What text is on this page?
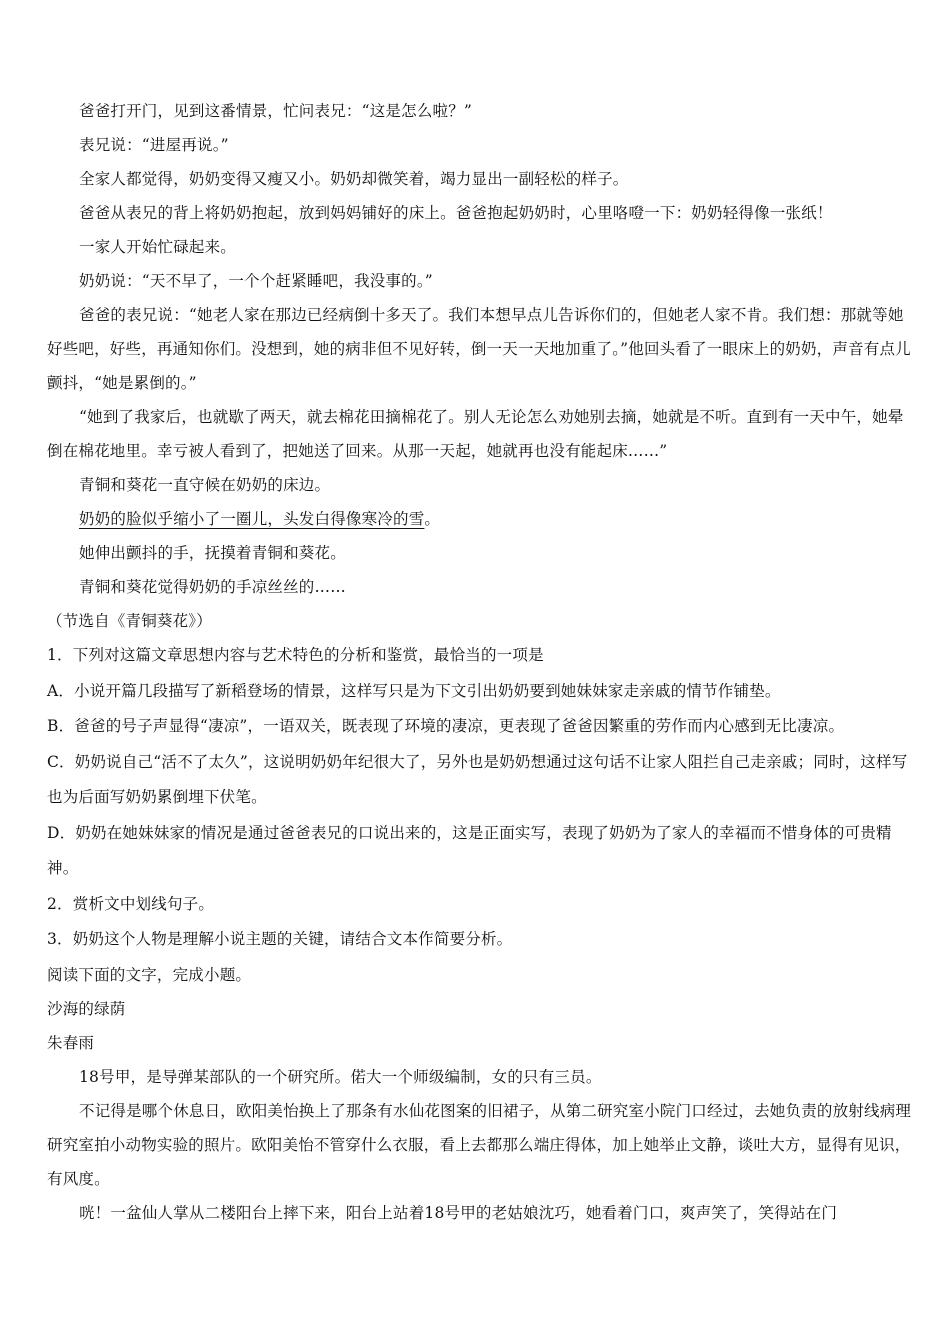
爸爸打开门，见到这番情景，忙问表兄：“这是怎么啦？”

表兄说：“进屋再说。”

全家人都觉得，奶奶变得又瘦又小。奶奶却微笑着，竭力显出一副轻松的样子。

爸爸从表兄的背上将奶奶抱起，放到妈妈铺好的床上。爸爸抱起奶奶时，心里咯噔一下：奶奶轻得像一张纸！

一家人开始忙碌起来。

奶奶说：“天不早了，一个个赶紧睡吧，我没事的。”

爸爸的表兄说：“她老人家在那边已经病倒十多天了。我们本想早点儿告诉你们的，但她老人家不肯。我们想：那就等她好些吧，好些，再通知你们。没想到，她的病非但不见好转，倒一天一天地加重了。”他回头看了一眼床上的奶奶，声音有点儿颤抖，“她是累倒的。”

“她到了我家后，也就歇了两天，就去棉花田摘棉花了。别人无论怎么劝她别去摘，她就是不听。直到有一天中午，她晕倒在棉花地里。幸亏被人看到了，把她送了回来。从那一天起，她就再也没有能起床……”

青铜和葵花一直守候在奶奶的床边。

奶奶的脸似乎缩小了一圈儿，头发白得像寒冷的雪。

她伸出颤抖的手，抚摸着青铜和葵花。

青铜和葵花觉得奶奶的手凉丝丝的……

（节选自《青铜葵花》）

1．下列对这篇文章思想内容与艺术特色的分析和鉴赏，最恰当的一项是

A．小说开篇几段描写了新稻登场的情景，这样写只是为下文引出奶奶要到她妹妹家走亲戚的情节作铺垫。

B．爸爸的号子声显得“凄凉”，一语双关，既表现了环境的凄凉，更表现了爸爸因繁重的劳作而内心感到无比凄凉。

C．奶奶说自己“活不了太久”，这说明奶奶年纪很大了，另外也是奶奶想通过这句话不让家人阻拦自己走亲戚；同时，这样写也为后面写奶奶累倒埋下伏笔。

D．奶奶在她妹妹家的情况是通过爸爸表兄的口说出来的，这是正面实写，表现了奶奶为了家人的幸福而不惜身体的可贵精神。

2．赏析文中划线句子。

3．奶奶这个人物是理解小说主题的关键，请结合文本作简要分析。

阅读下面的文字，完成小题。

沙海的绿荫

朱春雨

18号甲，是导弹某部队的一个研究所。偌大一个师级编制，女的只有三员。

不记得是哪个休息日，欧阳美怡换上了那条有水仙花图案的旧裙子，从第二研究室小院门口经过，去她负责的放射线病理研究室拍小动物实验的照片。欧阳美怡不管穿什么衣服，看上去都那么端庄得体，加上她举止文静，谈吐大方，显得有见识，有风度。

咣！一盆仙人掌从二楼阳台上摔下来，阳台上站着18号甲的老姑娘沈巧，她看着门口，爽声笑了，笑得站在门
